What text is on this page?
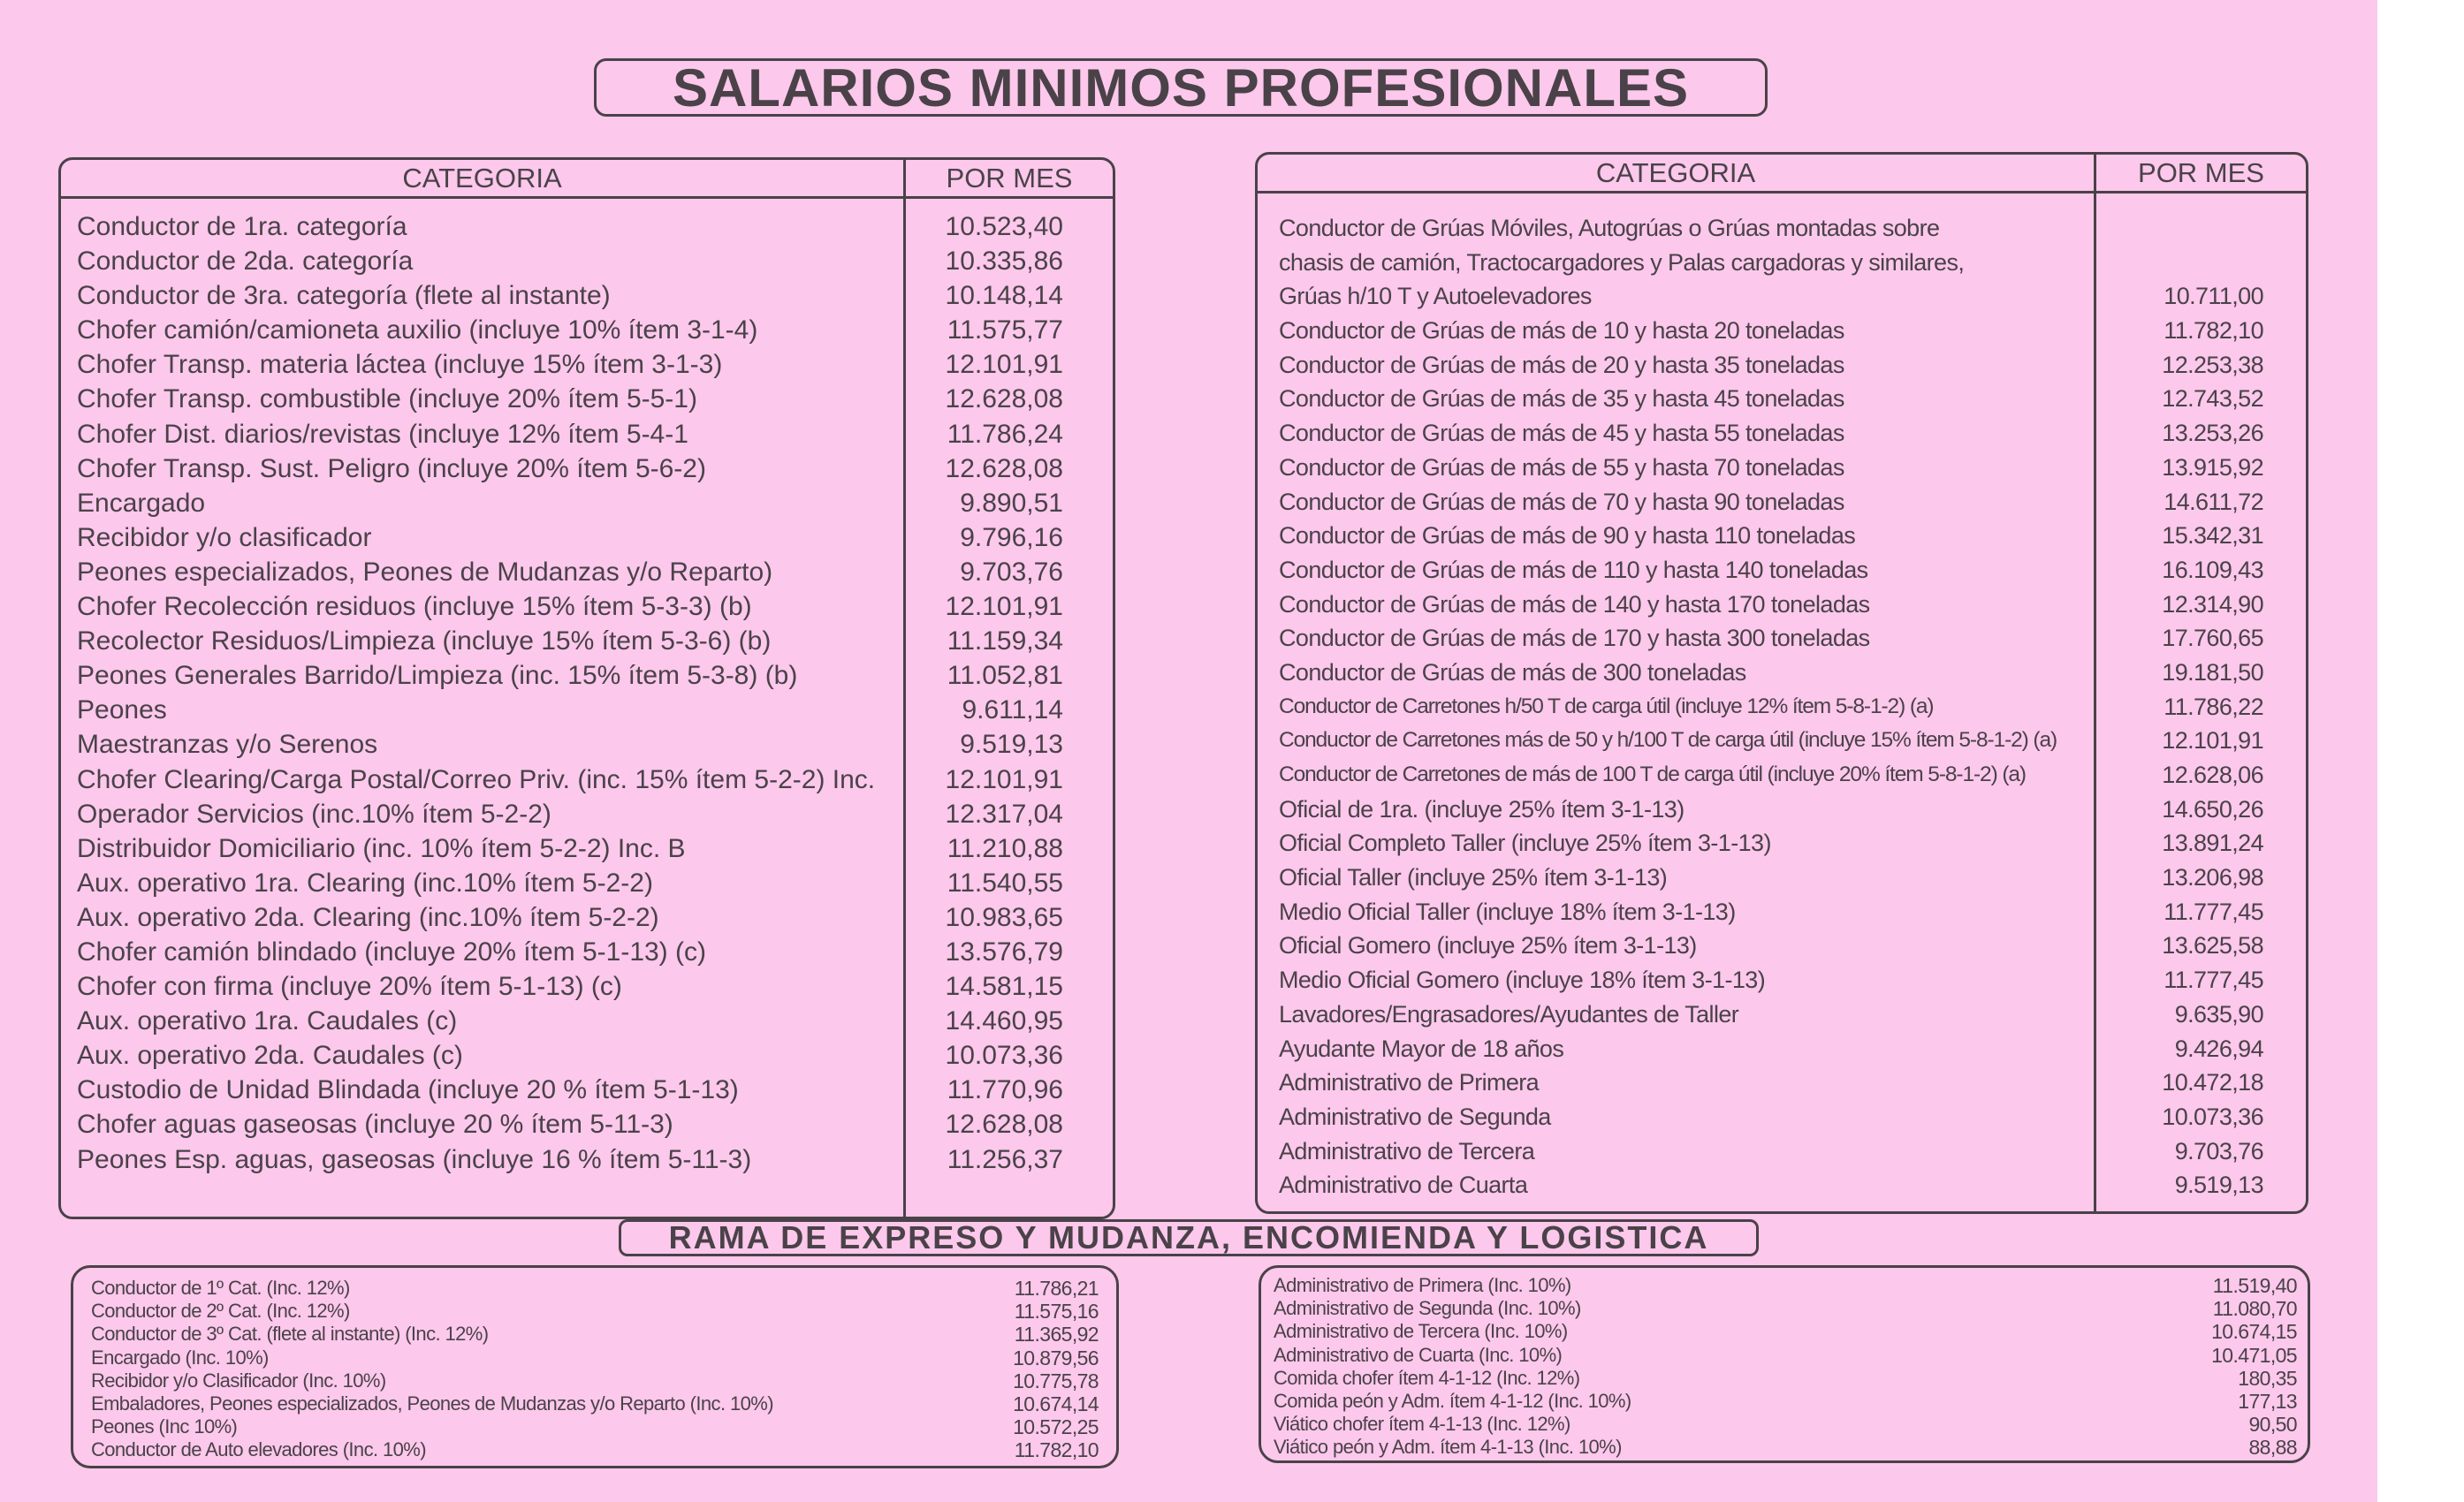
SALARIOS MINIMOS PROFESIONALES
CATEGORIA	POR MES
Conductor de 1ra. categoría	10.523,40
Conductor de 2da. categoría	10.335,86
Conductor de 3ra. categoría (flete al instante)	10.148,14
Chofer camión/camioneta auxilio (incluye 10% ítem 3-1-4)	11.575,77
Chofer Transp. materia láctea (incluye 15% ítem 3-1-3)	12.101,91
Chofer Transp. combustible (incluye 20% ítem 5-5-1)	12.628,08
Chofer Dist. diarios/revistas (incluye 12% ítem 5-4-1	11.786,24
Chofer Transp. Sust. Peligro (incluye 20% ítem 5-6-2)	12.628,08
Encargado	9.890,51
Recibidor y/o clasificador	9.796,16
Peones especializados, Peones de Mudanzas y/o Reparto)	9.703,76
Chofer Recolección residuos (incluye 15% ítem 5-3-3) (b)	12.101,91
Recolector Residuos/Limpieza (incluye 15% ítem 5-3-6) (b)	11.159,34
Peones Generales Barrido/Limpieza (inc. 15% ítem 5-3-8) (b)	11.052,81
Peones	9.611,14
Maestranzas y/o Serenos	9.519,13
Chofer Clearing/Carga Postal/Correo Priv. (inc. 15% ítem 5-2-2) Inc.	12.101,91
Operador Servicios (inc.10% ítem 5-2-2)	12.317,04
Distribuidor Domiciliario (inc. 10% ítem 5-2-2) Inc. B	11.210,88
Aux. operativo 1ra. Clearing (inc.10% ítem 5-2-2)	11.540,55
Aux. operativo 2da. Clearing (inc.10% ítem 5-2-2)	10.983,65
Chofer camión blindado (incluye 20% ítem 5-1-13) (c)	13.576,79
Chofer con firma (incluye 20% ítem 5-1-13) (c)	14.581,15
Aux. operativo 1ra. Caudales (c)	14.460,95
Aux. operativo 2da. Caudales (c)	10.073,36
Custodio de Unidad Blindada (incluye 20 % ítem 5-1-13)	11.770,96
Chofer aguas gaseosas (incluye 20 % ítem 5-11-3)	12.628,08
Peones Esp. aguas, gaseosas (incluye 16 % ítem 5-11-3)	11.256,37
CATEGORIA	POR MES
Conductor de Grúas Móviles, Autogrúas o Grúas montadas sobre
chasis de camión, Tractocargadores y Palas cargadoras y similares,
Grúas h/10 T y Autoelevadores	10.711,00
Conductor de Grúas de más de 10 y hasta 20 toneladas	11.782,10
Conductor de Grúas de más de 20 y hasta 35 toneladas	12.253,38
Conductor de Grúas de más de 35 y hasta 45 toneladas	12.743,52
Conductor de Grúas de más de 45 y hasta 55 toneladas	13.253,26
Conductor de Grúas de más de 55 y hasta 70 toneladas	13.915,92
Conductor de Grúas de más de 70 y hasta 90 toneladas	14.611,72
Conductor de Grúas de más de 90 y hasta 110 toneladas	15.342,31
Conductor de Grúas de más de 110 y hasta 140 toneladas	16.109,43
Conductor de Grúas de más de 140 y hasta 170 toneladas	12.314,90
Conductor de Grúas de más de 170 y hasta 300 toneladas	17.760,65
Conductor de Grúas de más de 300 toneladas	19.181,50
Conductor de Carretones h/50 T de carga útil (incluye 12% ítem 5-8-1-2) (a)	11.786,22
Conductor de Carretones más de 50 y h/100 T de carga útil (incluye 15% ítem 5-8-1-2) (a)	12.101,91
Conductor de Carretones de más de 100 T de carga útil (incluye 20% ítem 5-8-1-2) (a)	12.628,06
Oficial de 1ra. (incluye 25% ítem 3-1-13)	14.650,26
Oficial Completo Taller (incluye 25% ítem 3-1-13)	13.891,24
Oficial Taller (incluye 25% ítem 3-1-13)	13.206,98
Medio Oficial Taller (incluye 18% ítem 3-1-13)	11.777,45
Oficial Gomero (incluye 25% ítem 3-1-13)	13.625,58
Medio Oficial Gomero (incluye 18% ítem 3-1-13)	11.777,45
Lavadores/Engrasadores/Ayudantes de Taller	9.635,90
Ayudante Mayor de 18 años	9.426,94
Administrativo de Primera	10.472,18
Administrativo de Segunda	10.073,36
Administrativo de Tercera	9.703,76
Administrativo de Cuarta	9.519,13
RAMA DE EXPRESO Y MUDANZA, ENCOMIENDA Y LOGISTICA
Conductor de 1º Cat. (Inc. 12%)	11.786,21
Conductor de 2º Cat. (Inc. 12%)	11.575,16
Conductor de 3º Cat. (flete al instante) (Inc. 12%)	11.365,92
Encargado (Inc. 10%)	10.879,56
Recibidor y/o Clasificador (Inc. 10%)	10.775,78
Embaladores, Peones especializados, Peones de Mudanzas y/o Reparto (Inc. 10%)	10.674,14
Peones (Inc 10%)	10.572,25
Conductor de Auto elevadores (Inc. 10%)	11.782,10
Administrativo de Primera (Inc. 10%)	11.519,40
Administrativo de Segunda (Inc. 10%)	11.080,70
Administrativo de Tercera (Inc. 10%)	10.674,15
Administrativo de Cuarta (Inc. 10%)	10.471,05
Comida chofer ítem 4-1-12 (Inc. 12%)	180,35
Comida peón y Adm. ítem 4-1-12 (Inc. 10%)	177,13
Viático chofer ítem 4-1-13 (Inc. 12%)	90,50
Viático peón y Adm. ítem 4-1-13 (Inc. 10%)	88,88
